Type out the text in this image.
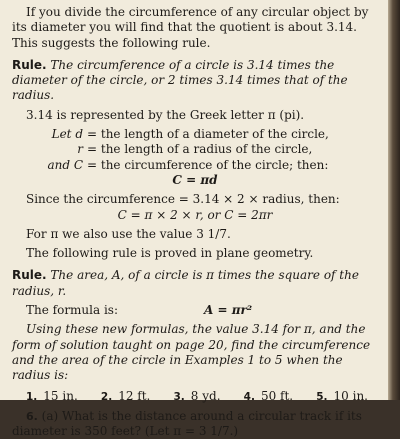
If you divide the circumference of any circular object by its diameter you will find that the quotient is about 3.14. This suggests the following rule.

Rule. The circumference of a circle is 3.14 times the diameter of the circle, or 2 times 3.14 times that of the radius.

3.14 is represented by the Greek letter π (pi).

Let d = the length of a diameter of the circle,
r = the length of a radius of the circle,
and C = the circumference of the circle; then:

C = πd

Since the circumference = 3.14 × 2 × radius, then:

C = π × 2 × r, or C = 2πr

For π we also use the value 3 1/7.

The following rule is proved in plane geometry.

Rule. The area, A, of a circle is π times the square of the radius, r.

The formula is:	A = πr²

Using these new formulas, the value 3.14 for π, and the form of solution taught on page 20, find the circumference and the area of the circle in Examples 1 to 5 when the radius is:

1. 15 in. 2. 12 ft. 3. 8 yd. 4. 50 ft. 5. 10 in.

6. (a) What is the distance around a circular track if its diameter is 350 feet? (Let π = 3 1/7.)
